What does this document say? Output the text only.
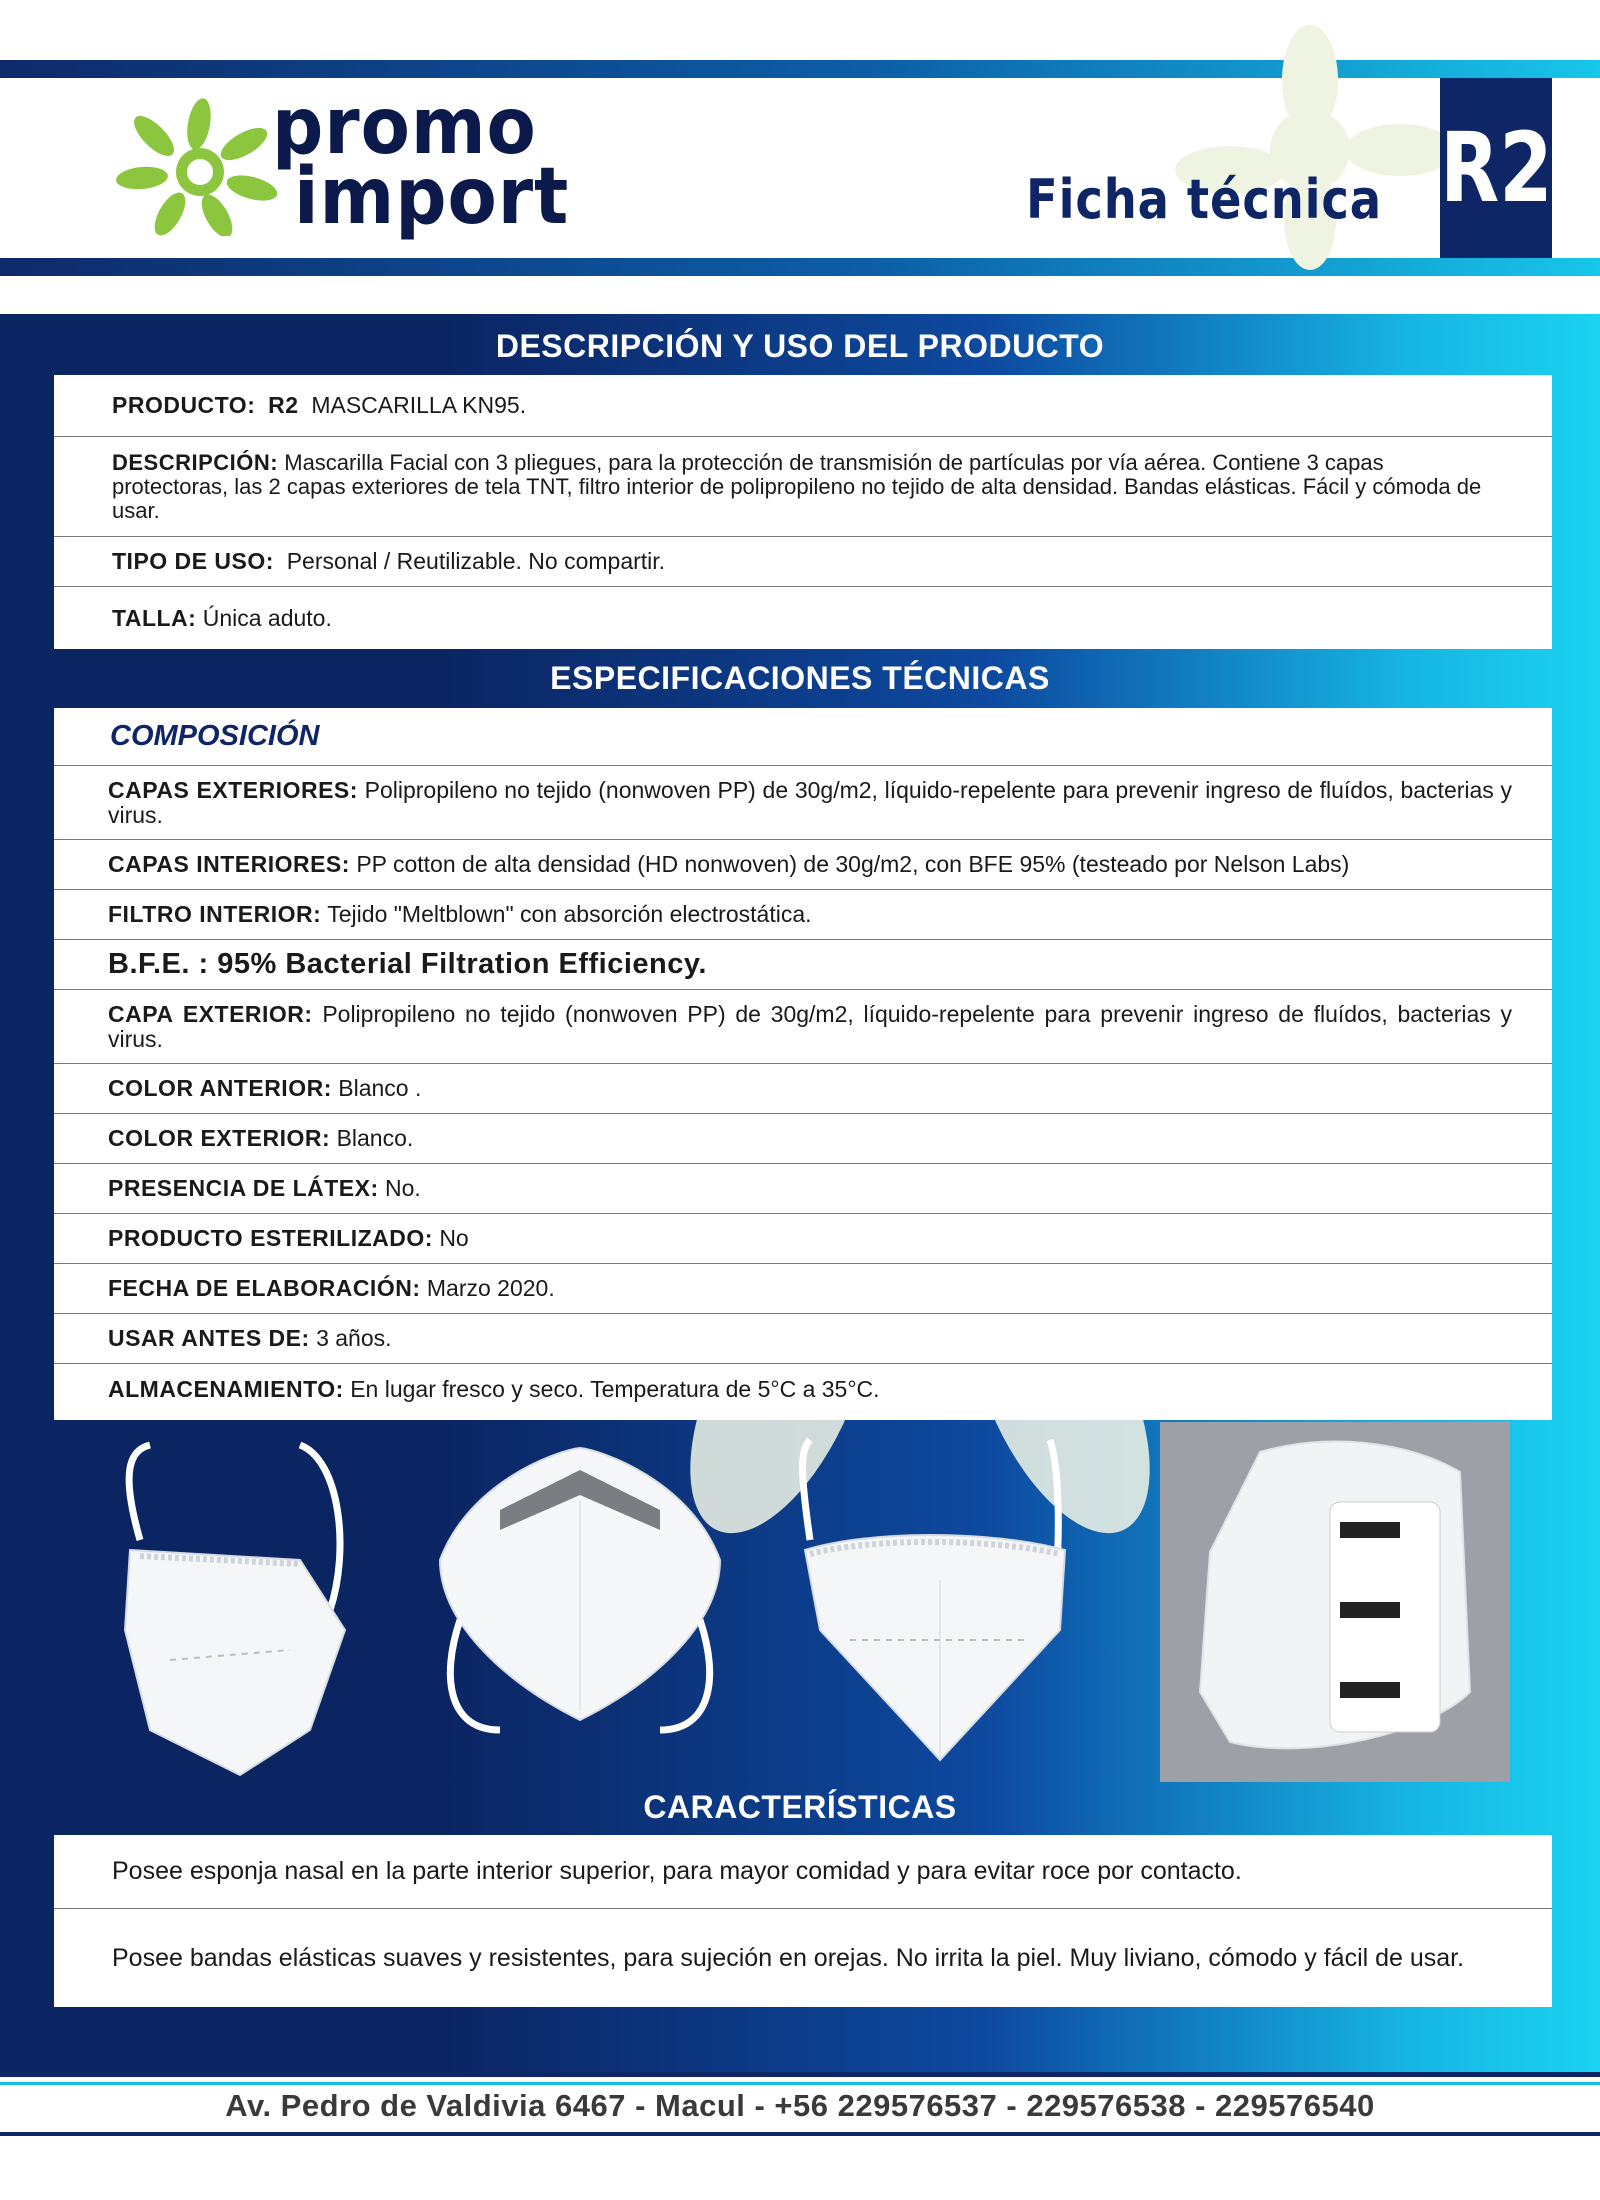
promo
import	Ficha técnica R2
DESCRIPCIÓN Y USO DEL PRODUCTO
PRODUCTO: R2 MASCARILLA KN95.
DESCRIPCIÓN: Mascarilla Facial con 3 pliegues, para la protección de transmisión de partículas por vía aérea. Contiene 3 capas protectoras, las 2 capas exteriores de tela TNT, filtro interior de polipropileno no tejido de alta densidad. Bandas elásticas. Fácil y cómoda de usar.
TIPO DE USO: Personal / Reutilizable. No compartir.
TALLA: Única aduto.
ESPECIFICACIONES TÉCNICAS
COMPOSICIÓN
CAPAS EXTERIORES: Polipropileno no tejido (nonwoven PP) de 30g/m2, líquido-repelente para prevenir ingreso de fluídos, bacterias y virus.
CAPAS INTERIORES: PP cotton de alta densidad (HD nonwoven) de 30g/m2, con BFE 95% (testeado por Nelson Labs)
FILTRO INTERIOR: Tejido "Meltblown" con absorción electrostática.
B.F.E. : 95% Bacterial Filtration Efficiency.
CAPA EXTERIOR: Polipropileno no tejido (nonwoven PP) de 30g/m2, líquido-repelente para prevenir ingreso de fluídos, bacterias y virus.
COLOR ANTERIOR: Blanco .
COLOR EXTERIOR: Blanco.
PRESENCIA DE LÁTEX: No.
PRODUCTO ESTERILIZADO: No
FECHA DE ELABORACIÓN: Marzo 2020.
USAR ANTES DE: 3 años.
ALMACENAMIENTO: En lugar fresco y seco. Temperatura de 5°C a 35°C.
CARACTERÍSTICAS
Posee esponja nasal en la parte interior superior, para mayor comidad y para evitar roce por contacto.
Posee bandas elásticas suaves y resistentes, para sujeción en orejas. No irrita la piel. Muy liviano, cómodo y fácil de usar.
Av. Pedro de Valdivia 6467 - Macul - +56 229576537 - 229576538 - 229576540
